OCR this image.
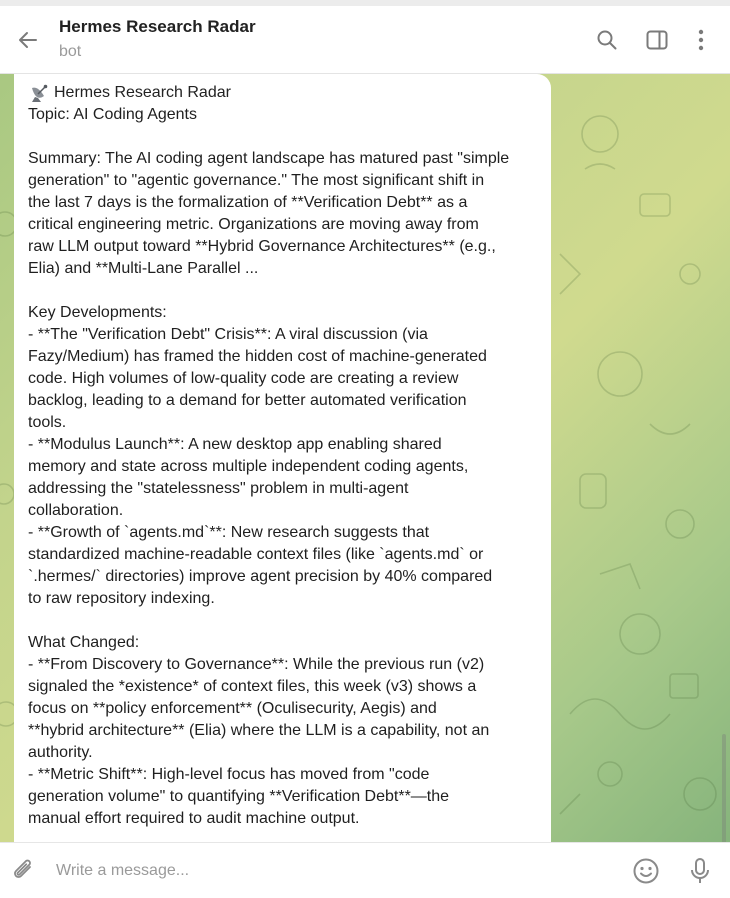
Hermes Research Radar
bot
Hermes Research Radar
Topic: AI Coding Agents

Summary: The AI coding agent landscape has matured past "simple
generation" to "agentic governance." The most significant shift in
the last 7 days is the formalization of **Verification Debt** as a
critical engineering metric. Organizations are moving away from
raw LLM output toward **Hybrid Governance Architectures** (e.g.,
Elia) and **Multi-Lane Parallel ...

Key Developments:
- **The "Verification Debt" Crisis**: A viral discussion (via
Fazy/Medium) has framed the hidden cost of machine-generated
code. High volumes of low-quality code are creating a review
backlog, leading to a demand for better automated verification
tools.
- **Modulus Launch**: A new desktop app enabling shared
memory and state across multiple independent coding agents,
addressing the "statelessness" problem in multi-agent
collaboration.
- **Growth of `agents.md`**: New research suggests that
standardized machine-readable context files (like `agents.md` or
`.hermes/` directories) improve agent precision by 40% compared
to raw repository indexing.

What Changed:
- **From Discovery to Governance**: While the previous run (v2)
signaled the *existence* of context files, this week (v3) shows a
focus on **policy enforcement** (Oculisecurity, Aegis) and
**hybrid architecture** (Elia) where the LLM is a capability, not an
authority.
- **Metric Shift**: High-level focus has moved from "code
generation volume" to quantifying **Verification Debt**—the
manual effort required to audit machine output.
Write a message...
